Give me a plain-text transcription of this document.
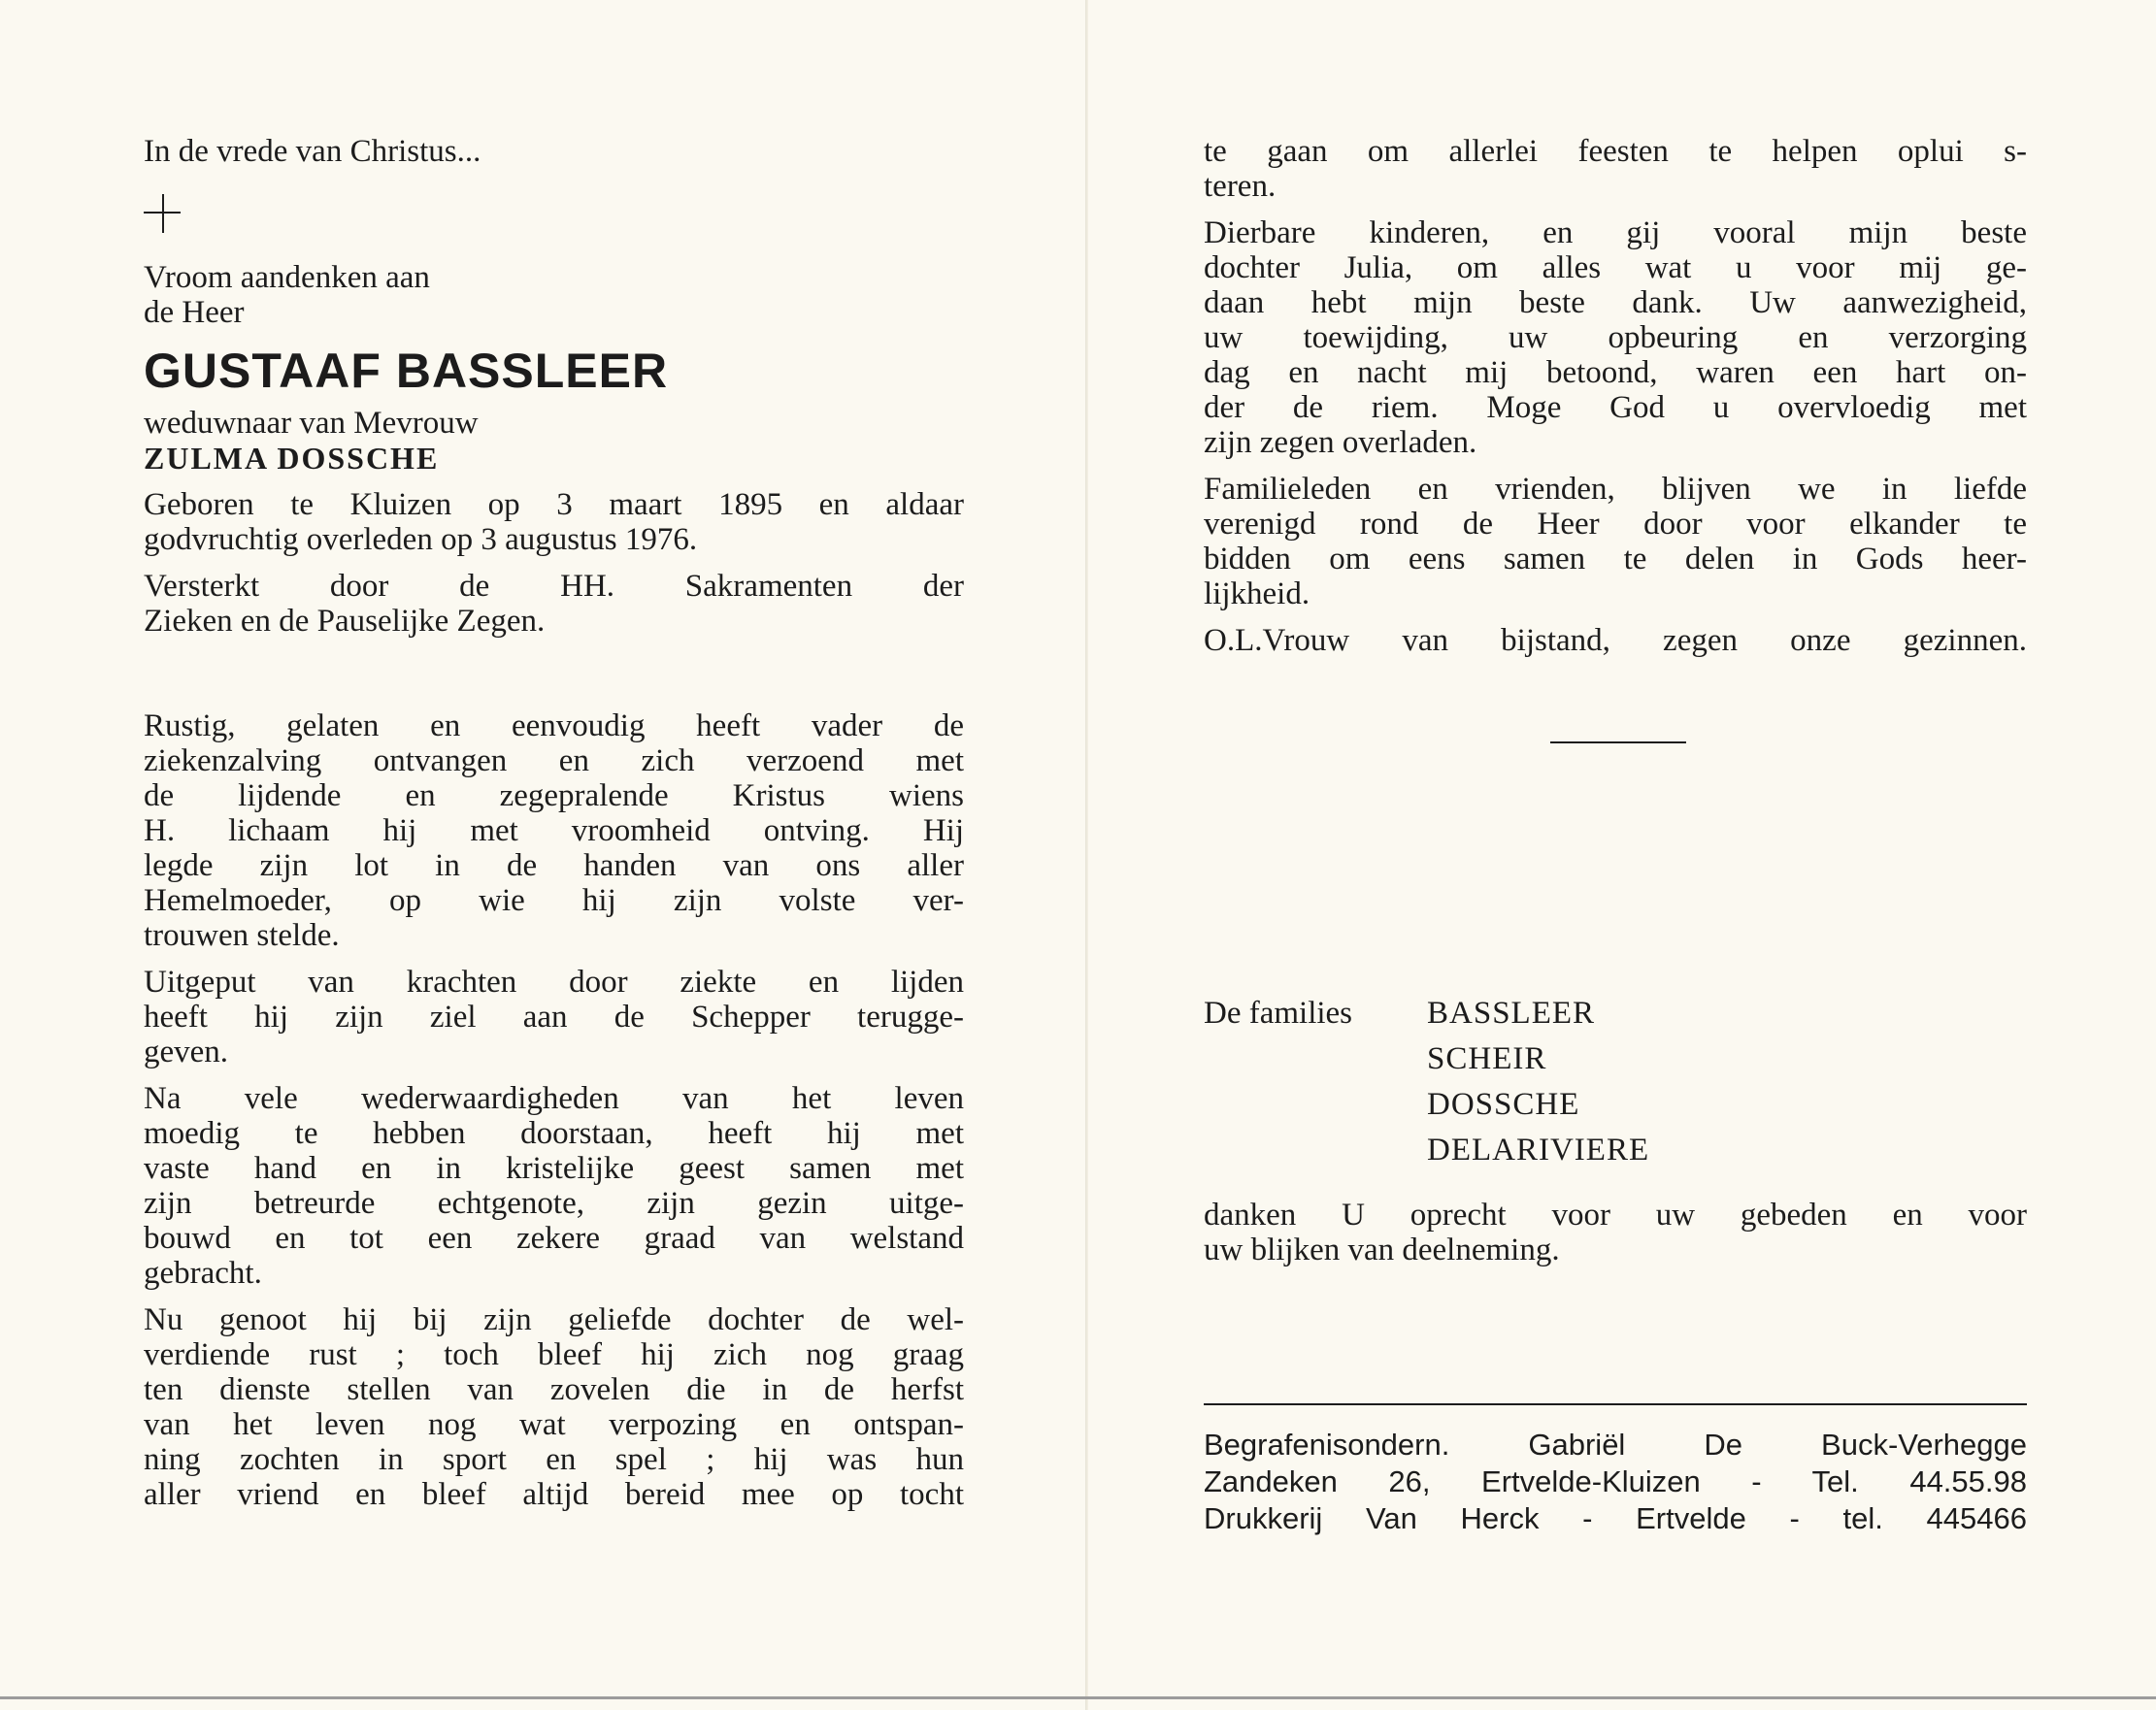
In de vrede van Christus...

Vroom aandenken aan

de Heer

GUSTAAF BASSLEER

weduwnaar van Mevrouw

ZULMA DOSSCHE

Geboren te Kluizen op 3 maart 1895 en aldaar

godvruchtig overleden op 3 augustus 1976.

Versterkt door de HH. Sakramenten der

Zieken en de Pauselijke Zegen.

Rustig, gelaten en eenvoudig heeft vader de

ziekenzalving ontvangen en zich verzoend met

de lijdende en zegepralende Kristus wiens

H. lichaam hij met vroomheid ontving. Hij

legde zijn lot in de handen van ons aller

Hemelmoeder, op wie hij zijn volste ver-

trouwen stelde.

Uitgeput van krachten door ziekte en lijden

heeft hij zijn ziel aan de Schepper terugge-

geven.

Na vele wederwaardigheden van het leven

moedig te hebben doorstaan, heeft hij met

vaste hand en in kristelijke geest samen met

zijn betreurde echtgenote, zijn gezin uitge-

bouwd en tot een zekere graad van welstand

gebracht.

Nu genoot hij bij zijn geliefde dochter de wel-

verdiende rust ; toch bleef hij zich nog graag

ten dienste stellen van zovelen die in de herfst

van het leven nog wat verpozing en ontspan-

ning zochten in sport en spel ; hij was hun

aller vriend en bleef altijd bereid mee op tocht

te gaan om allerlei feesten te helpen oplui s-

teren.

Dierbare kinderen, en gij vooral mijn beste

dochter Julia, om alles wat u voor mij ge-

daan hebt mijn beste dank. Uw aanwezigheid,

uw toewijding, uw opbeuring en verzorging

dag en nacht mij betoond, waren een hart on-

der de riem. Moge God u overvloedig met

zijn zegen overladen.

Familieleden en vrienden, blijven we in liefde

verenigd rond de Heer door voor elkander te

bidden om eens samen te delen in Gods heer-

lijkheid.

O.L.Vrouw van bijstand, zegen onze gezinnen.

De families BASSLEER
SCHEIR
DOSSCHE
DELARIVIERE

danken U oprecht voor uw gebeden en voor

uw blijken van deelneming.

Begrafenisondern. Gabriël De Buck-Verhegge

Zandeken 26, Ertvelde-Kluizen - Tel. 44.55.98

Drukkerij Van Herck - Ertvelde - tel. 445466
